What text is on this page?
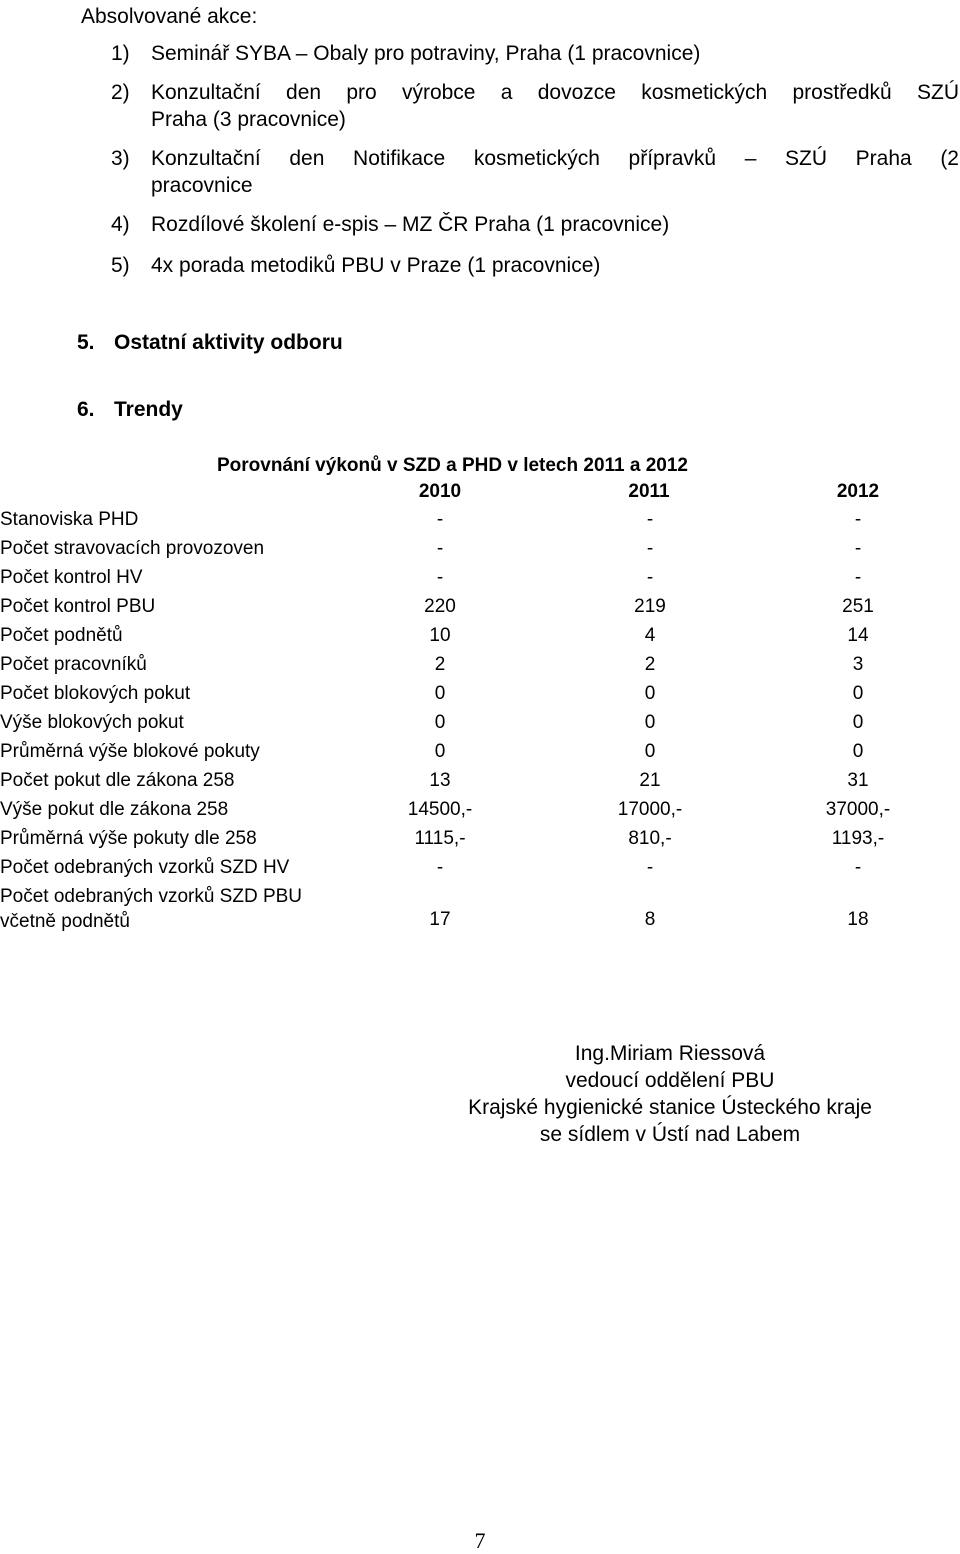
Absolvované akce:
1) Seminář SYBA – Obaly pro potraviny, Praha (1 pracovnice)
2) Konzultační den pro výrobce a dovozce kosmetických prostředků SZÚ
Praha (3 pracovnice)
3) Konzultační den Notifikace kosmetických přípravků – SZÚ Praha (2
pracovnice
4) Rozdílové školení e-spis – MZ ČR Praha (1 pracovnice)
5) 4x porada metodiků PBU v Praze (1 pracovnice)
5. Ostatní aktivity odboru
6. Trendy
Porovnání výkonů v SZD a PHD v letech 2011 a 2012
2010	2011	2012
Stanoviska PHD	-	-	-
Počet stravovacích provozoven	-	-	-
Počet kontrol HV	-	-	-
Počet kontrol PBU	220	219	251
Počet podnětů	10	4	14
Počet pracovníků	2	2	3
Počet blokových pokut	0	0	0
Výše blokových pokut	0	0	0
Průměrná výše blokové pokuty	0	0	0
Počet pokut dle zákona 258	13	21	31
Výše pokut dle zákona 258	14500,-	17000,-	37000,-
Průměrná výše pokuty dle 258	1115,-	810,-	1193,-
Počet odebraných vzorků SZD HV	-	-	-
Počet odebraných vzorků SZD PBU včetně podnětů	17	8	18
Ing.Miriam Riessová
vedoucí oddělení PBU
Krajské hygienické stanice Ústeckého kraje
se sídlem v Ústí nad Labem
7
